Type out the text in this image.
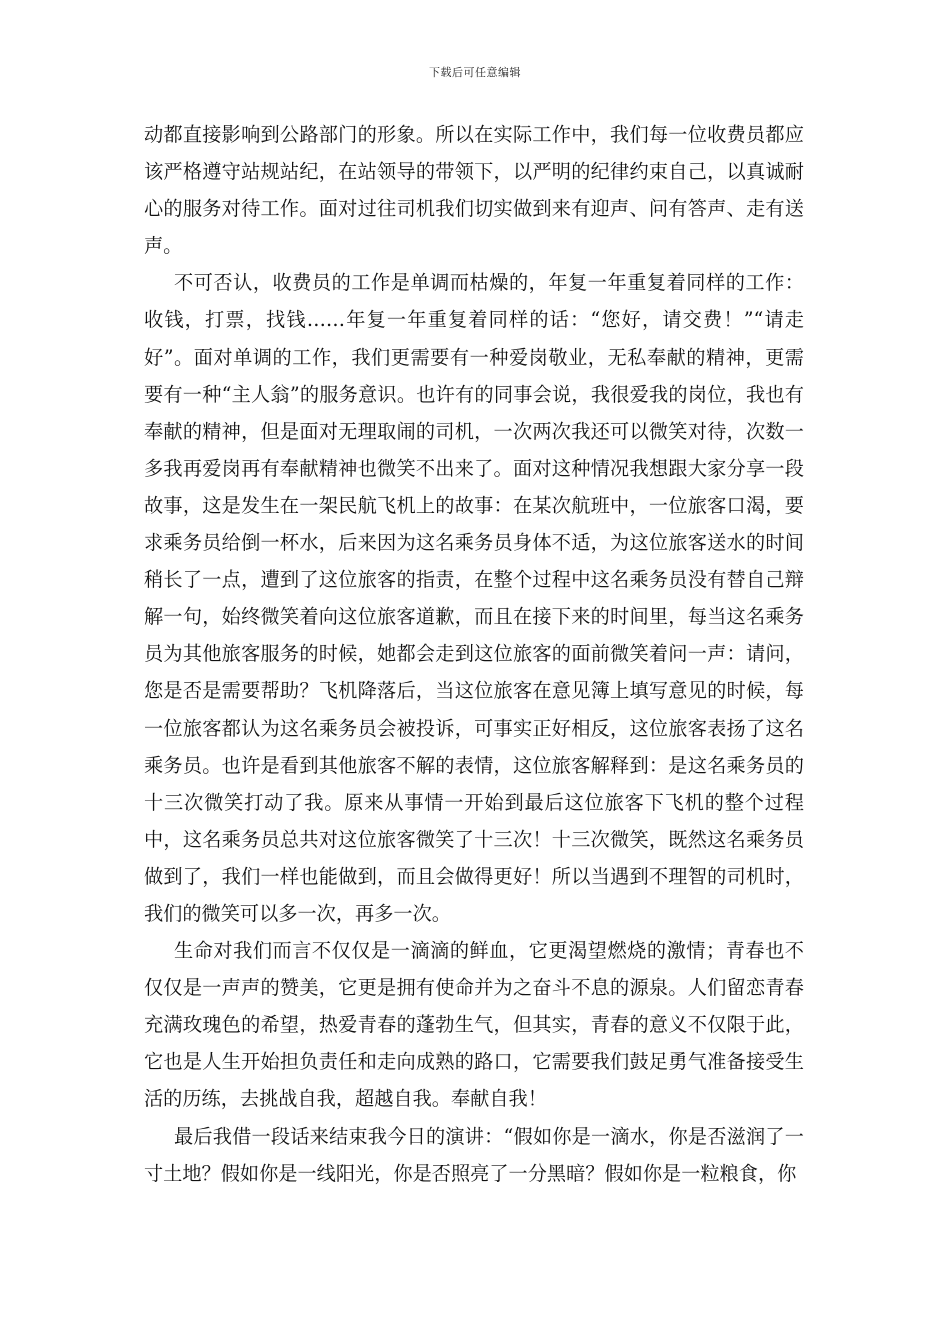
下载后可任意编辑

动都直接影响到公路部门的形象。所以在实际工作中，我们每一位收费员都应该严格遵守站规站纪，在站领导的带领下，以严明的纪律约束自己，以真诚耐心的服务对待工作。面对过往司机我们切实做到来有迎声、问有答声、走有送声。

不可否认，收费员的工作是单调而枯燥的，年复一年重复着同样的工作：收钱，打票，找钱……年复一年重复着同样的话：“您好，请交费！”“请走好”。面对单调的工作，我们更需要有一种爱岗敬业，无私奉献的精神，更需要有一种“主人翁”的服务意识。也许有的同事会说，我很爱我的岗位，我也有奉献的精神，但是面对无理取闹的司机，一次两次我还可以微笑对待，次数一多我再爱岗再有奉献精神也微笑不出来了。面对这种情况我想跟大家分享一段故事，这是发生在一架民航飞机上的故事：在某次航班中，一位旅客口渴，要求乘务员给倒一杯水，后来因为这名乘务员身体不适，为这位旅客送水的时间稍长了一点，遭到了这位旅客的指责，在整个过程中这名乘务员没有替自己辩解一句，始终微笑着向这位旅客道歉，而且在接下来的时间里，每当这名乘务员为其他旅客服务的时候，她都会走到这位旅客的面前微笑着问一声：请问，您是否是需要帮助？飞机降落后，当这位旅客在意见簿上填写意见的时候，每一位旅客都认为这名乘务员会被投诉，可事实正好相反，这位旅客表扬了这名乘务员。也许是看到其他旅客不解的表情，这位旅客解释到：是这名乘务员的十三次微笑打动了我。原来从事情一开始到最后这位旅客下飞机的整个过程中，这名乘务员总共对这位旅客微笑了十三次！十三次微笑，既然这名乘务员做到了，我们一样也能做到，而且会做得更好！所以当遇到不理智的司机时，我们的微笑可以多一次，再多一次。

生命对我们而言不仅仅是一滴滴的鲜血，它更渴望燃烧的激情；青春也不仅仅是一声声的赞美，它更是拥有使命并为之奋斗不息的源泉。人们留恋青春充满玫瑰色的希望，热爱青春的蓬勃生气，但其实，青春的意义不仅限于此，它也是人生开始担负责任和走向成熟的路口，它需要我们鼓足勇气准备接受生活的历练，去挑战自我，超越自我。奉献自我！

最后我借一段话来结束我今日的演讲：“假如你是一滴水，你是否滋润了一寸土地？假如你是一线阳光，你是否照亮了一分黑暗？假如你是一粒粮食，你
